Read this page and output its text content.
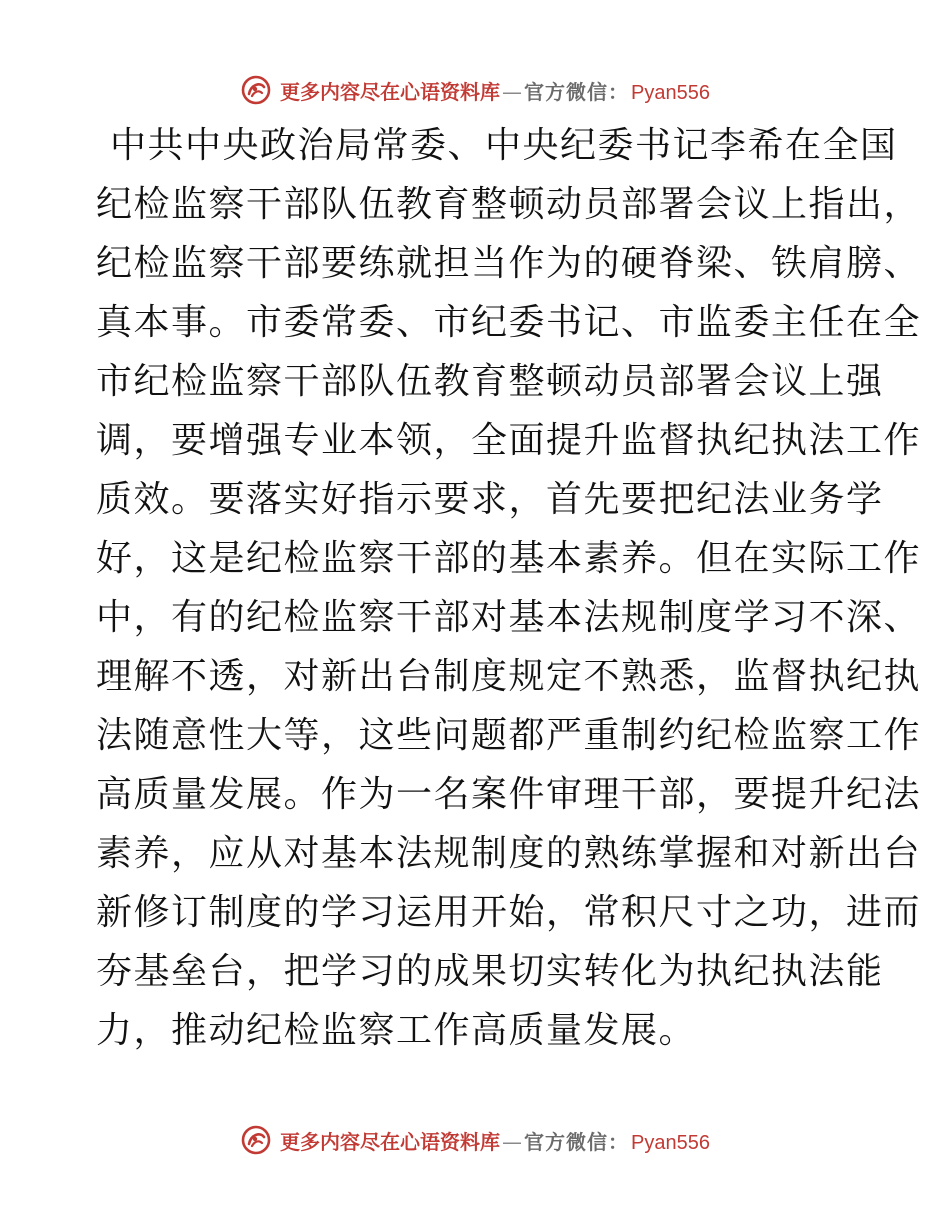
更多内容尽在心语资料库 — 官方微信： Pyan556
中共中央政治局常委、中央纪委书记李希在全国
纪检监察干部队伍教育整顿动员部署会议上指出，
纪检监察干部要练就担当作为的硬脊梁、铁肩膀、
真本事。市委常委、市纪委书记、市监委主任在全
市纪检监察干部队伍教育整顿动员部署会议上强
调，要增强专业本领，全面提升监督执纪执法工作
质效。要落实好指示要求，首先要把纪法业务学
好，这是纪检监察干部的基本素养。但在实际工作
中，有的纪检监察干部对基本法规制度学习不深、
理解不透，对新出台制度规定不熟悉，监督执纪执
法随意性大等，这些问题都严重制约纪检监察工作
高质量发展。作为一名案件审理干部，要提升纪法
素养，应从对基本法规制度的熟练掌握和对新出台
新修订制度的学习运用开始，常积尺寸之功，进而
夯基垒台，把学习的成果切实转化为执纪执法能
力，推动纪检监察工作高质量发展。
更多内容尽在心语资料库 — 官方微信： Pyan556
